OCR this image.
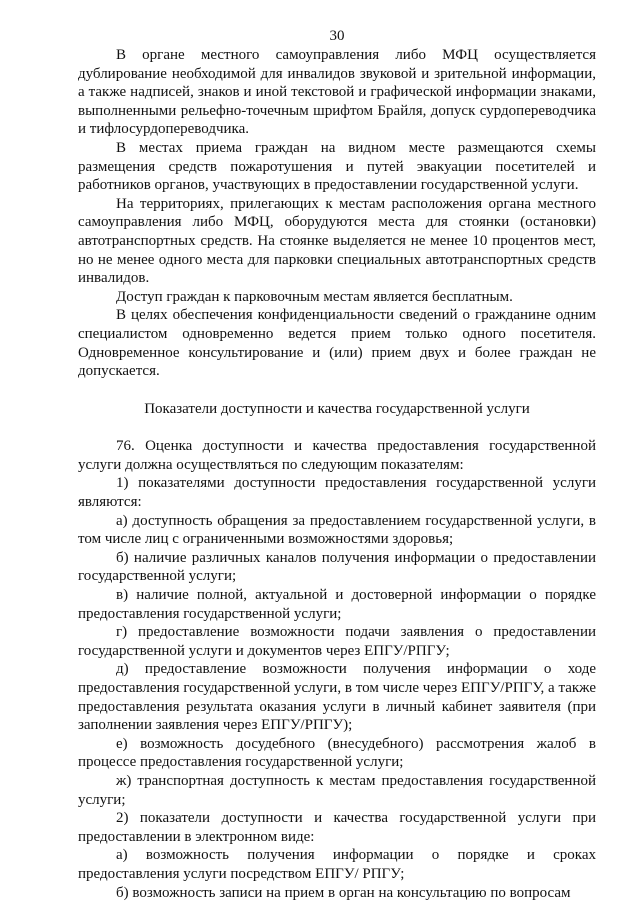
30

В органе местного самоуправления либо МФЦ осуществляется дублирование необходимой для инвалидов звуковой и зрительной информации, а также надписей, знаков и иной текстовой и графической информации знаками, выполненными рельефно-точечным шрифтом Брайля, допуск сурдопереводчика и тифлосурдопереводчика.

В местах приема граждан на видном месте размещаются схемы размещения средств пожаротушения и путей эвакуации посетителей и работников органов, участвующих в предоставлении государственной услуги.

На территориях, прилегающих к местам расположения органа местного самоуправления либо МФЦ, оборудуются места для стоянки (остановки) автотранспортных средств. На стоянке выделяется не менее 10 процентов мест, но не менее одного места для парковки специальных автотранспортных средств инвалидов.

Доступ граждан к парковочным местам является бесплатным.

В целях обеспечения конфиденциальности сведений о гражданине одним специалистом одновременно ведется прием только одного посетителя. Одновременное консультирование и (или) прием двух и более граждан не допускается.

Показатели доступности и качества государственной услуги

76. Оценка доступности и качества предоставления государственной услуги должна осуществляться по следующим показателям:

1) показателями доступности предоставления государственной услуги являются:

а) доступность обращения за предоставлением государственной услуги, в том числе лиц с ограниченными возможностями здоровья;

б) наличие различных каналов получения информации о предоставлении государственной услуги;

в) наличие полной, актуальной и достоверной информации о порядке предоставления государственной услуги;

г) предоставление возможности подачи заявления о предоставлении государственной услуги и документов через ЕПГУ/РПГУ;

д) предоставление возможности получения информации о ходе предоставления государственной услуги, в том числе через ЕПГУ/РПГУ, а также предоставления результата оказания услуги в личный кабинет заявителя (при заполнении заявления через ЕПГУ/РПГУ);

е) возможность досудебного (внесудебного) рассмотрения жалоб в процессе предоставления государственной услуги;

ж) транспортная доступность к местам предоставления государственной услуги;

2) показатели доступности и качества государственной услуги при предоставлении в электронном виде:

а) возможность получения информации о порядке и сроках предоставления услуги посредством ЕПГУ/ РПГУ;

б) возможность записи на прием в орган на консультацию по вопросам
